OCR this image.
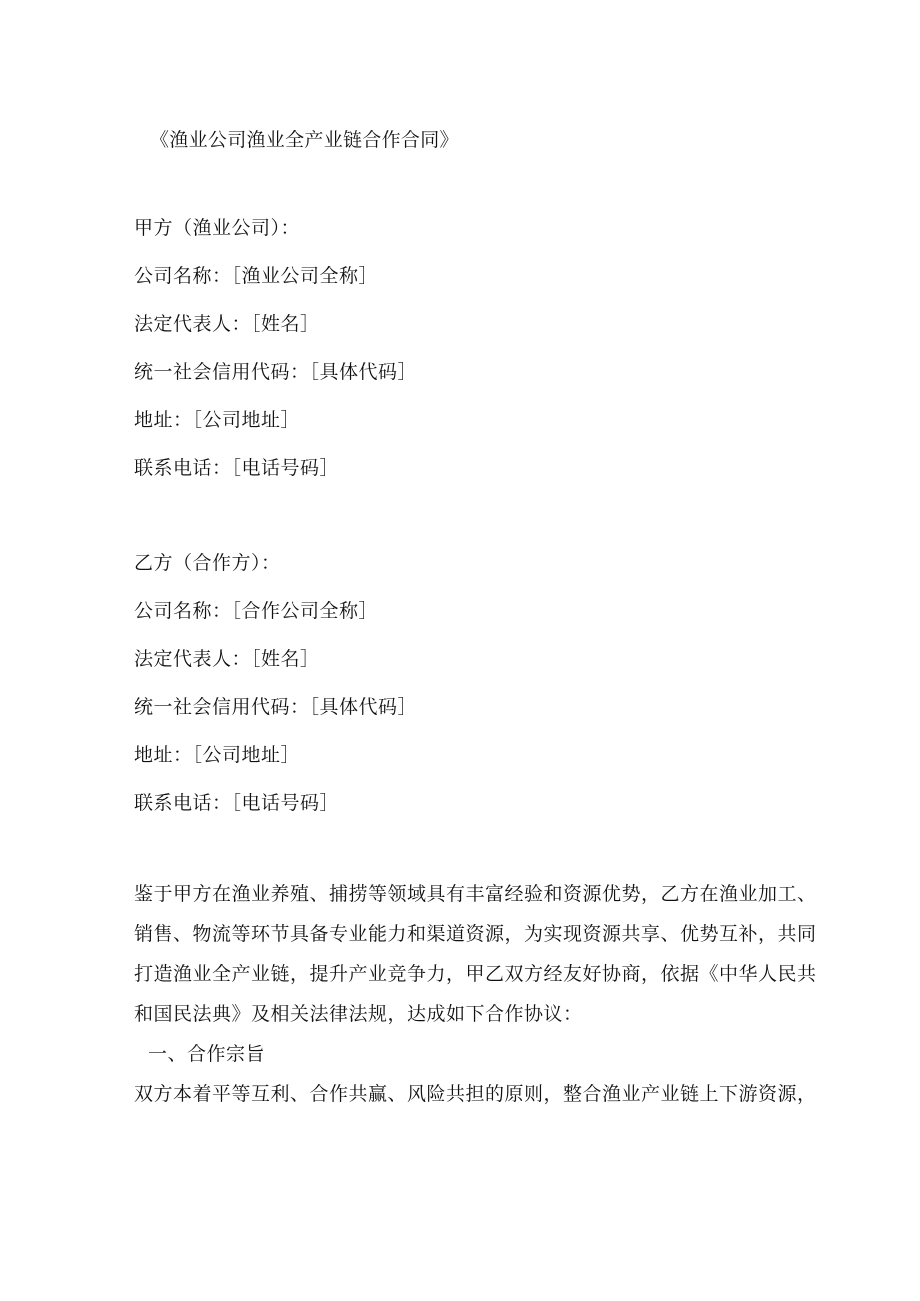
《渔业公司渔业全产业链合作合同》
甲方（渔业公司）：
公司名称：［渔业公司全称］
法定代表人：［姓名］
统一社会信用代码：［具体代码］
地址：［公司地址］
联系电话：［电话号码］
乙方（合作方）：
公司名称：［合作公司全称］
法定代表人：［姓名］
统一社会信用代码：［具体代码］
地址：［公司地址］
联系电话：［电话号码］
鉴于甲方在渔业养殖、捕捞等领域具有丰富经验和资源优势，乙方在渔业加工、
销售、物流等环节具备专业能力和渠道资源，为实现资源共享、优势互补，共同
打造渔业全产业链，提升产业竞争力，甲乙双方经友好协商，依据《中华人民共
和国民法典》及相关法律法规，达成如下合作协议：
一、合作宗旨
双方本着平等互利、合作共赢、风险共担的原则，整合渔业产业链上下游资源，
